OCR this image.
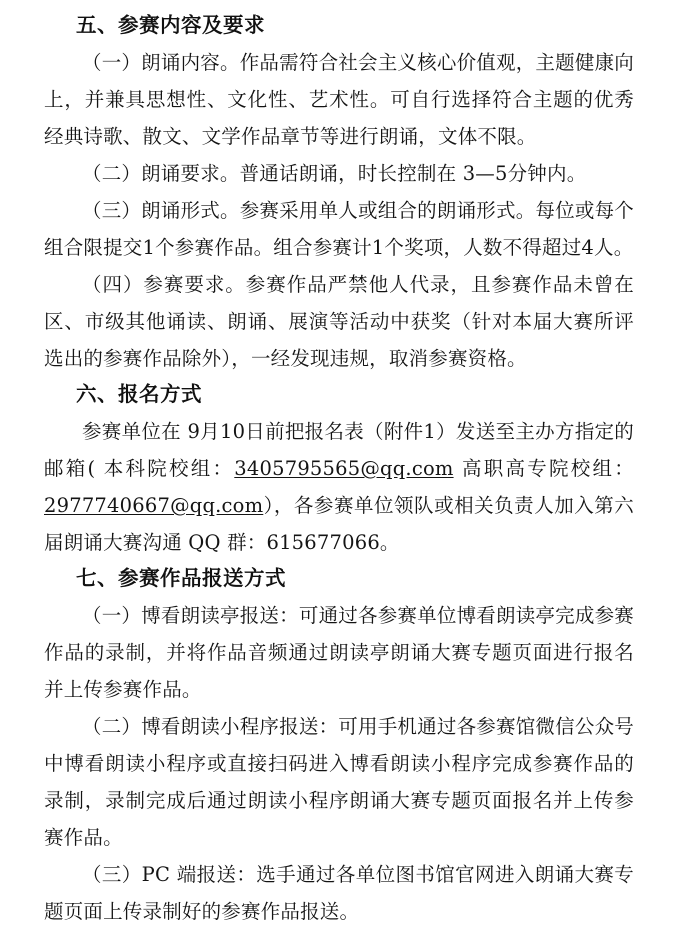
五、参赛内容及要求

（一）朗诵内容。作品需符合社会主义核心价值观，主题健康向上，并兼具思想性、文化性、艺术性。可自行选择符合主题的优秀经典诗歌、散文、文学作品章节等进行朗诵，文体不限。

（二）朗诵要求。普通话朗诵，时长控制在 3—5分钟内。

（三）朗诵形式。参赛采用单人或组合的朗诵形式。每位或每个组合限提交1个参赛作品。组合参赛计1个奖项，人数不得超过4人。

（四）参赛要求。参赛作品严禁他人代录，且参赛作品未曾在区、市级其他诵读、朗诵、展演等活动中获奖（针对本届大赛所评选出的参赛作品除外），一经发现违规，取消参赛资格。

六、报名方式

参赛单位在 9月10日前把报名表（附件1）发送至主办方指定的邮箱( 本科院校组：3405795565@qq.com 高职高专院校组：2977740667@qq.com），各参赛单位领队或相关负责人加入第六届朗诵大赛沟通 QQ 群：615677066。

七、参赛作品报送方式

（一）博看朗读亭报送：可通过各参赛单位博看朗读亭完成参赛作品的录制，并将作品音频通过朗读亭朗诵大赛专题页面进行报名并上传参赛作品。

（二）博看朗读小程序报送：可用手机通过各参赛馆微信公众号中博看朗读小程序或直接扫码进入博看朗读小程序完成参赛作品的录制，录制完成后通过朗读小程序朗诵大赛专题页面报名并上传参赛作品。

（三）PC 端报送：选手通过各单位图书馆官网进入朗诵大赛专题页面上传录制好的参赛作品报送。
